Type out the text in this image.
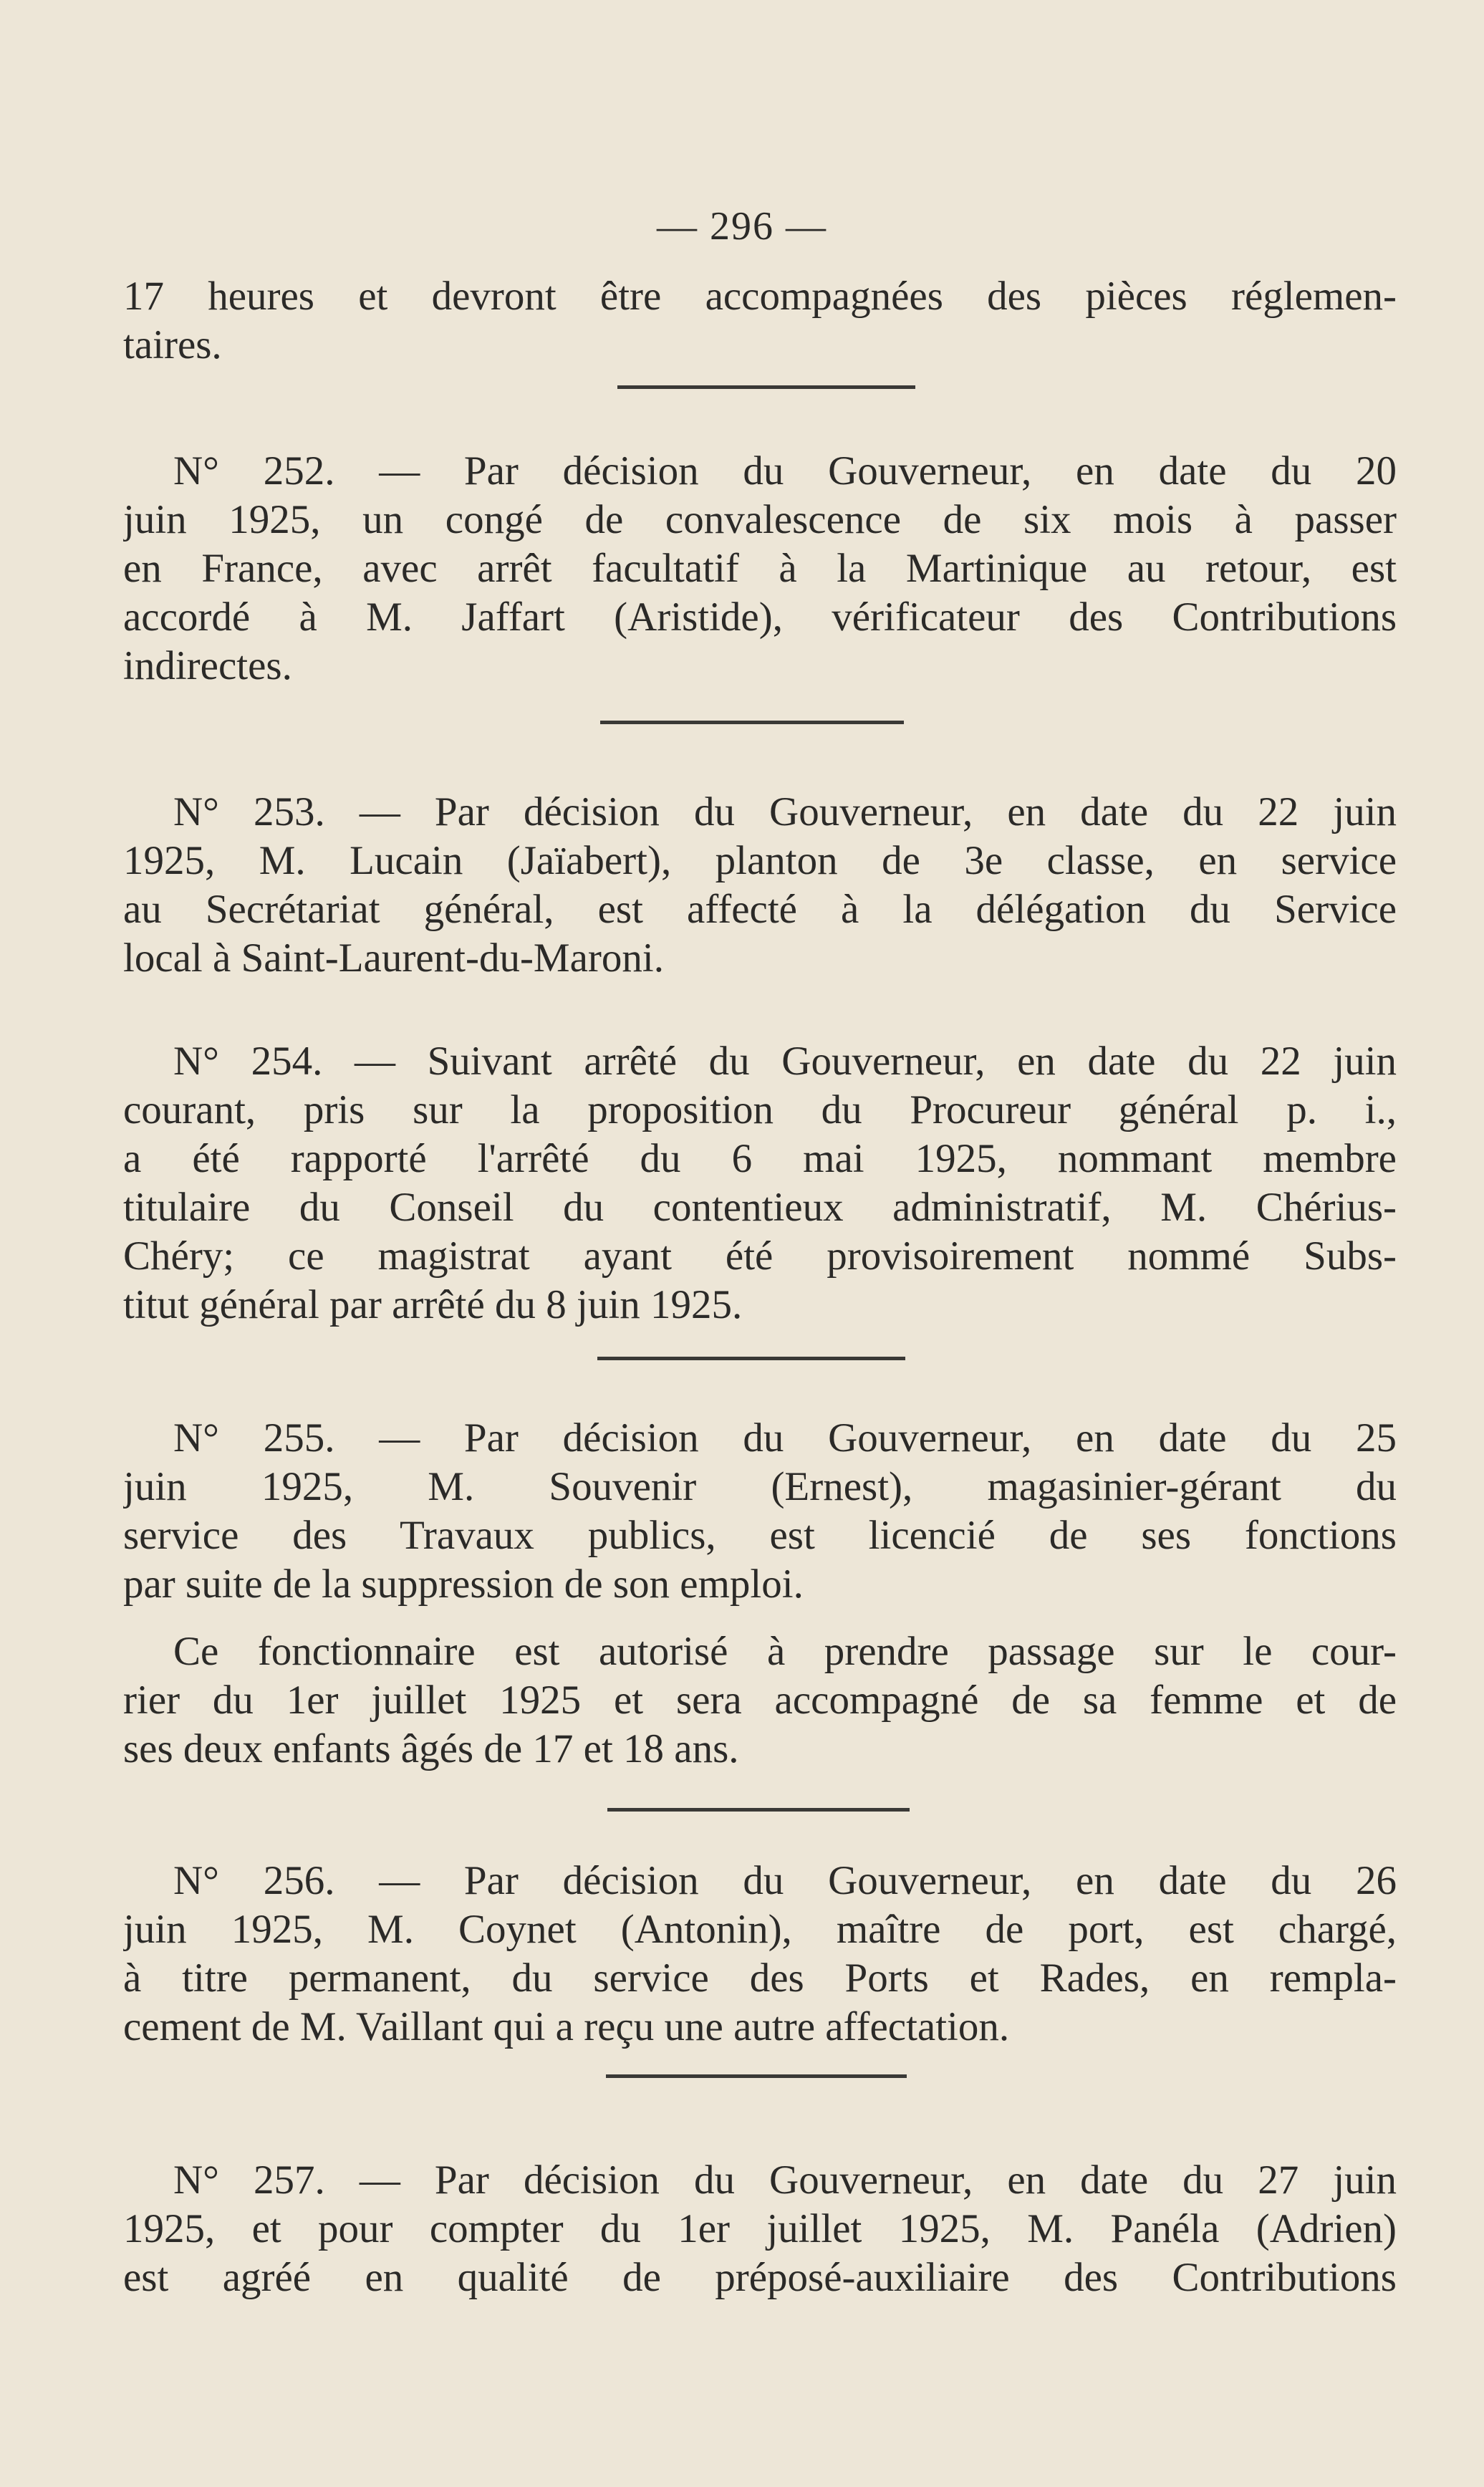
— 296 —
17 heures et devront être accompagnées des pièces réglemen-
taires.
N° 252. — Par décision du Gouverneur, en date du 20
juin 1925, un congé de convalescence de six mois à passer
en France, avec arrêt facultatif à la Martinique au retour, est
accordé à M. Jaffart (Aristide), vérificateur des Contributions
indirectes.
N° 253. — Par décision du Gouverneur, en date du 22 juin
1925, M. Lucain (Jaïabert), planton de 3e classe, en service
au Secrétariat général, est affecté à la délégation du Service
local à Saint-Laurent-du-Maroni.
N° 254. — Suivant arrêté du Gouverneur, en date du 22 juin
courant, pris sur la proposition du Procureur général p. i.,
a été rapporté l'arrêté du 6 mai 1925, nommant membre
titulaire du Conseil du contentieux administratif, M. Chérius-
Chéry; ce magistrat ayant été provisoirement nommé Subs-
titut général par arrêté du 8 juin 1925.
N° 255. — Par décision du Gouverneur, en date du 25
juin 1925, M. Souvenir (Ernest), magasinier-gérant du
service des Travaux publics, est licencié de ses fonctions
par suite de la suppression de son emploi.
Ce fonctionnaire est autorisé à prendre passage sur le cour-
rier du 1er juillet 1925 et sera accompagné de sa femme et de
ses deux enfants âgés de 17 et 18 ans.
N° 256. — Par décision du Gouverneur, en date du 26
juin 1925, M. Coynet (Antonin), maître de port, est chargé,
à titre permanent, du service des Ports et Rades, en rempla-
cement de M. Vaillant qui a reçu une autre affectation.
N° 257. — Par décision du Gouverneur, en date du 27 juin
1925, et pour compter du 1er juillet 1925, M. Panéla (Adrien)
est agréé en qualité de préposé-auxiliaire des Contributions
